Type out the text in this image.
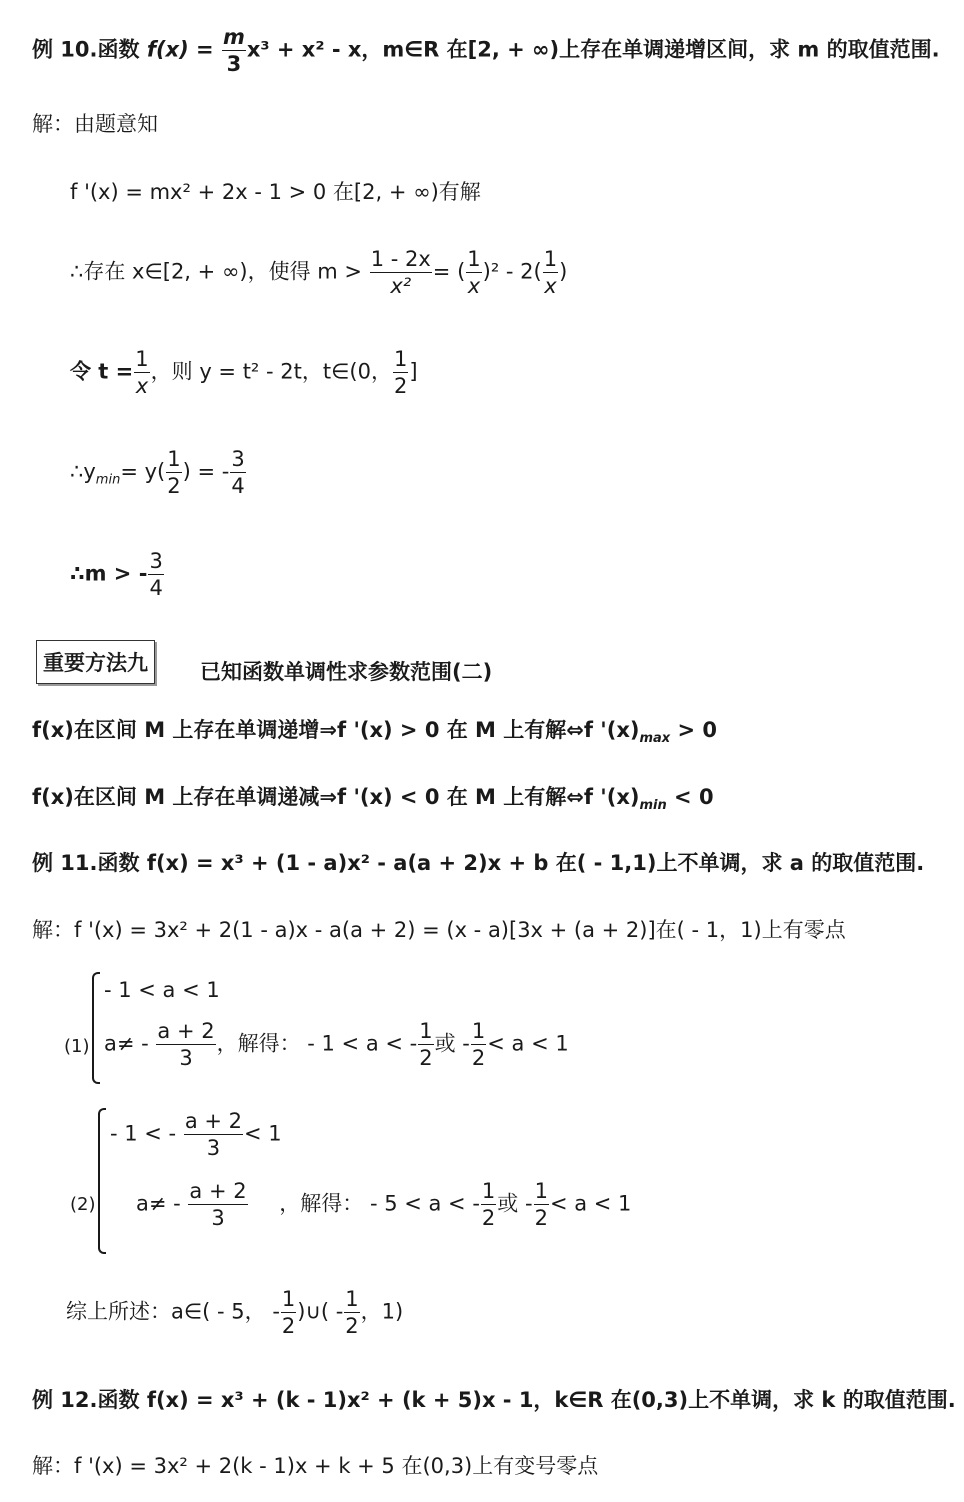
例 10.函数 $f(x) = \frac{m}{3} x^3 + x^2 - x$，m∈R 在[2, + ∞)上存在单调递增区间，求 m 的取值范围.
解：由题意知
f '(x) = mx² + 2x - 1 > 0 在[2, + ∞)有解
∴存在 x∈[2, + ∞)，使得 $m > \frac{1 - 2x}{\text{x²}}$ = ( $\frac{1}{x} )^2 - 2( \frac{1}{x}$ )
令 $t = \frac{1}{x}$ ，则 y = t² - 2t，t∈(0， $\frac{1}{2}$ ]
$\therefore y_{min}= y( \frac{1}{2}$ ) = - $\frac{3}{4}$
∴m > - $\frac{3}{4}$
重要方法九	已知函数单调性求参数范围(二)
f(x)在区间 M 上存在单调递增⇒f '(x) > 0 在 M 上有解⇔f '$(x)_{max} > 0$
f(x)在区间 M 上存在单调递减⇒f '(x) < 0 在 M 上有解⇔f '$(x)_{min} < 0$
例 11.函数 f(x) = x³ + (1 - a)x² - a(a + 2)x + b 在( - 1,1)上不单调，求 a 的取值范围.
解：f '(x) = 3x² + 2(1 - a)x - a(a + 2) = (x - a)[3x + (a + 2)]在( - 1，1)上有零点
(1)
- 1 < a < 1
$a\ne - \frac{a + 2}{3}$ ，解得： - 1 < a < - $\frac{1}{2}$ 或 - $\frac{1}{2} < a < 1$
(2)
- 1 < - $\frac{a + 2}{3} < 1$
$a\ne - \frac{a + 2}{3}$ ，解得： - 5 < a < - $\frac{1}{2}$ 或 - $\frac{1}{2} < a < 1$
综上所述：a∈( - 5， - $\frac{1}{2}$ )∪( - $\frac{1}{2}$ ，1)
例 12.函数 f(x) = x³ + (k - 1)x² + (k + 5)x - 1，k∈R 在(0,3)上不单调，求 k 的取值范围.
解：f '(x) = 3x² + 2(k - 1)x + k + 5 在(0,3)上有变号零点
